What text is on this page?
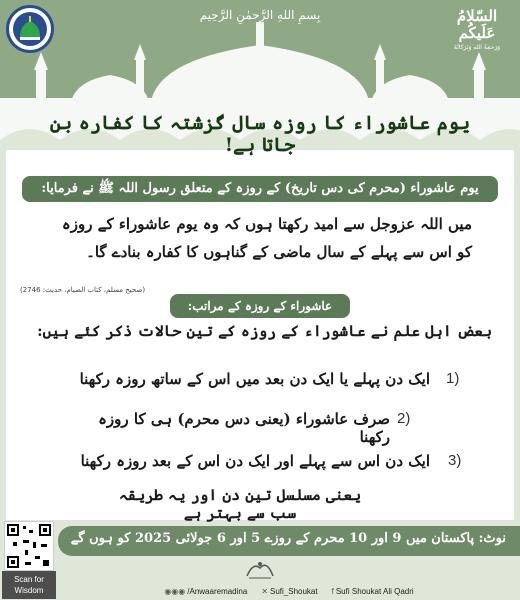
بِسمِ اللهِ الرَّحمٰنِ الرَّحِیم	السّلامُ
عَلَیکُم
وَرَحمَةُ الله وَبَرَکاتُهُ
یوم عاشوراء کا روزہ سال گزشتہ کا کفارہ بن جاتا ہے!
یوم عاشوراء (محرم کی دس تاریخ) کے روزہ کے متعلق رسول اللہ ﷺ نے فرمایا:
میں اللہ عزوجل سے امید رکھتا ہوں کہ وہ یوم عاشوراء کے روزہ کو اس سے پہلے کے سال ماضی کے گناہوں کا کفارہ بنادے گا۔
(صحیح مسلم، کتاب الصیام، حدیث: 2746)
عاشوراء کے روزہ کے مراتب:
بعض اہل علم نے عاشوراء کے روزہ کے تین حالات ذکر کئے ہیں:
ایک دن پہلے یا ایک دن بعد میں اس کے ساتھ روزہ رکھنا 1)
صرف عاشوراء (یعنی دس محرم) ہی کا روزہ رکھنا
2)
ایک دن اس سے پہلے اور ایک دن اس کے بعد روزہ رکھنا 3)
یعنی مسلسل تین دن اور یہ طریقہ سب سے بہتر ہے
Scan for Wisdom
نوٹ: پاکستان میں 9 اور 10 محرم کے روزے 5 اور 6 جولائی 2025 کو ہوں گے
◉◉◉ /Anwaaremadina ✕ Sufi_Shoukat f Sufi Shoukat Ali Qadri
